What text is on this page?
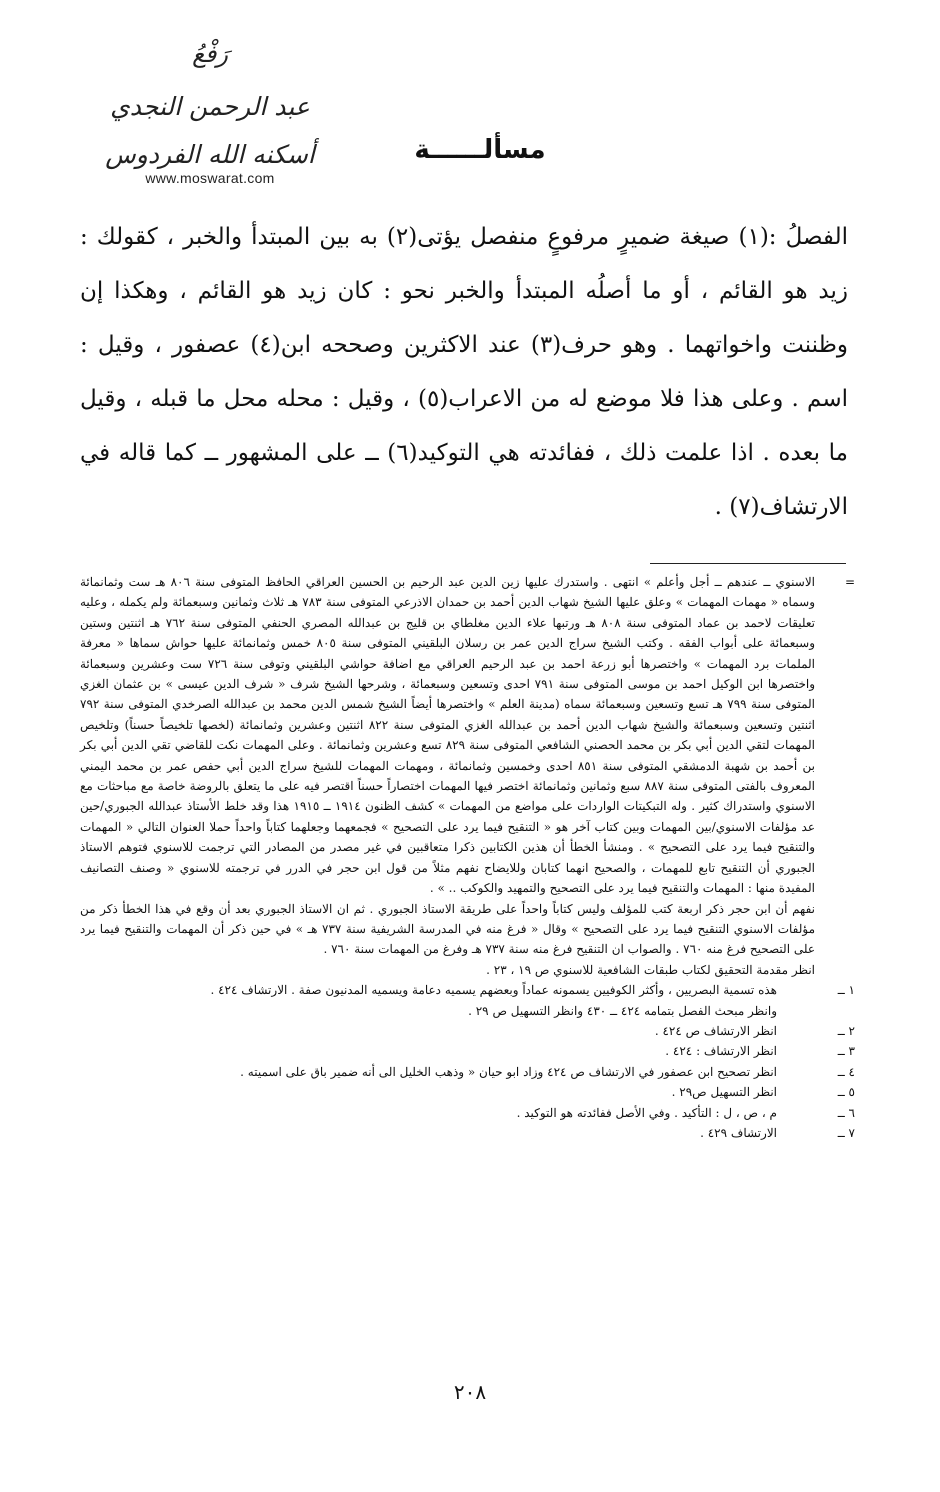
رَفْعُ
عبد الرحمن النجدي
أسكنه الله الفردوس
www.moswarat.com
مسألــــــة

الفصلُ :(١) صيغة ضميرٍ مرفوعٍ منفصل يؤتى(٢) به بين المبتدأ والخبر ، كقولك : زيد هو القائم ، أو ما أصلُه المبتدأ والخبر نحو : كان زيد هو القائم ، وهكذا إن وظننت واخواتهما . وهو حرف(٣) عند الاكثرين وصححه ابن(٤) عصفور ، وقيل : اسم . وعلى هذا فلا موضع له من الاعراب(٥) ، وقيل : محله محل ما قبله ، وقيل ما بعده . اذا علمت ذلك ، ففائدته هي التوكيد(٦) ــ على المشهور ــ كما قاله في الارتشاف(٧) .

=
الاسنوي ــ عندهم ــ أجل وأعلم » انتهى . واستدرك عليها زين الدين عبد الرحيم بن الحسين العراقي الحافظ المتوفى سنة ٨٠٦ هـ ست وثمانمائة وسماه « مهمات المهمات » وعلق عليها الشيخ شهاب الدين أحمد بن حمدان الاذرعي المتوفى سنة ٧٨٣ هـ ثلاث وثمانين وسبعمائة ولم يكمله ، وعليه تعليقات لاحمد بن عماد المتوفى سنة ٨٠٨ هـ ورتبها علاء الدين مغلطاي بن قليج بن عبدالله المصري الحنفي المتوفى سنة ٧٦٢ هـ اثنتين وستين وسبعمائة على أبواب الفقه . وكتب الشيخ سراج الدين عمر بن رسلان البلقيني المتوفى سنة ٨٠٥ خمس وثمانمائة عليها حواش سماها « معرفة الملمات برد المهمات » واختصرها أبو زرعة احمد بن عبد الرحيم العراقي مع اضافة حواشي البلقيني وتوفى سنة ٧٢٦ ست وعشرين وسبعمائة واختصرها ابن الوكيل احمد بن موسى المتوفى سنة ٧٩١ احدى وتسعين وسبعمائة ، وشرحها الشيخ شرف « شرف الدين عيسى » بن عثمان الغزي المتوفى سنة ٧٩٩ هـ تسع وتسعين وسبعمائة سماه (مدينة العلم » واختصرها أيضاً الشيخ شمس الدين محمد بن عبدالله الصرخدي المتوفى سنة ٧٩٢ اثنتين وتسعين وسبعمائة والشيخ شهاب الدين أحمد بن عبدالله الغزي المتوفى سنة ٨٢٢ اثنتين وعشرين وثمانمائة (لخصها تلخيصاً حسناً) وتلخيص المهمات لتقي الدين أبي بكر بن محمد الحصني الشافعي المتوفى سنة ٨٢٩ تسع وعشرين وثمانمائة . وعلى المهمات نكت للقاضي تقي الدين أبي بكر بن أحمد بن شهبة الدمشقي المتوفى سنة ٨٥١ احدى وخمسين وثمانمائة ، ومهمات المهمات للشيخ سراج الدين أبي حفص عمر بن محمد اليمني المعروف بالفتى المتوفى سنة ٨٨٧ سبع وثمانين وثمانمائة اختصر فيها المهمات اختصاراً حسناً اقتصر فيه على ما يتعلق بالروضة خاصة مع مباحثات مع الاسنوي واستدراك كثير . وله التبكيتات الواردات على مواضع من المهمات » كشف الظنون ١٩١٤ ــ ١٩١٥ هذا وقد خلط الأستاذ عبدالله الجبوري/حين عد مؤلفات الاسنوي/بين المهمات وبين كتاب آخر هو « التنقيح فيما يرد على التصحيح » فجمعهما وجعلهما كتاباً واحداً حملا العنوان التالي « المهمات والتنقيح فيما يرد على التصحيح » . ومنشأ الخطأ أن هذين الكتابين ذكرا متعاقبين في غير مصدر من المصادر التي ترجمت للاسنوي فتوهم الاستاذ الجبوري أن التنقيح تابع للمهمات ، والصحيح انهما كتابان وللايضاح نفهم مثلاً من قول ابن حجر في الدرر في ترجمته للاسنوي « وصنف التصانيف المفيدة منها : المهمات والتنقيح فيما يرد على التصحيح والتمهيد والكوكب .. » .

نفهم أن ابن حجر ذكر اربعة كتب للمؤلف وليس كتاباً واحداً على طريقة الاستاذ الجبوري . ثم ان الاستاذ الجبوري بعد أن وقع في هذا الخطأ ذكر من مؤلفات الاسنوي التنقيح فيما يرد على التصحيح » وقال « فرغ منه في المدرسة الشريفية سنة ٧٣٧ هـ » في حين ذكر أن المهمات والتنقيح فيما يرد على التصحيح فرغ منه ٧٦٠ . والصواب ان التنقيح فرغ منه سنة ٧٣٧ هـ وفرغ من المهمات سنة ٧٦٠ .

انظر مقدمة التحقيق لكتاب طبقات الشافعية للاسنوي ص ١٩ ، ٢٣ .

١ ــ
هذه تسمية البصريين ، وأكثر الكوفيين يسمونه عماداً وبعضهم يسميه دعامة ويسميه المدنيون صفة . الارتشاف ٤٢٤ .
وانظر مبحث الفصل بتمامه ٤٢٤ ــ ٤٣٠ وانظر التسهيل ص ٢٩ .
٢ ــ
انظر الارتشاف ص ٤٢٤ .
٣ ــ
انظر الارتشاف : ٤٢٤ .
٤ ــ
انظر تصحيح ابن عصفور في الارتشاف ص ٤٢٤ وزاد ابو حيان « وذهب الخليل الى أنه ضمير باق على اسميته .
٥ ــ
انظر التسهيل ص٢٩ .
٦ ــ
م ، ص ، ل : التأكيد . وفي الأصل ففائدته هو التوكيد .
٧ ــ
الارتشاف ٤٢٩ .
٢٠٨
